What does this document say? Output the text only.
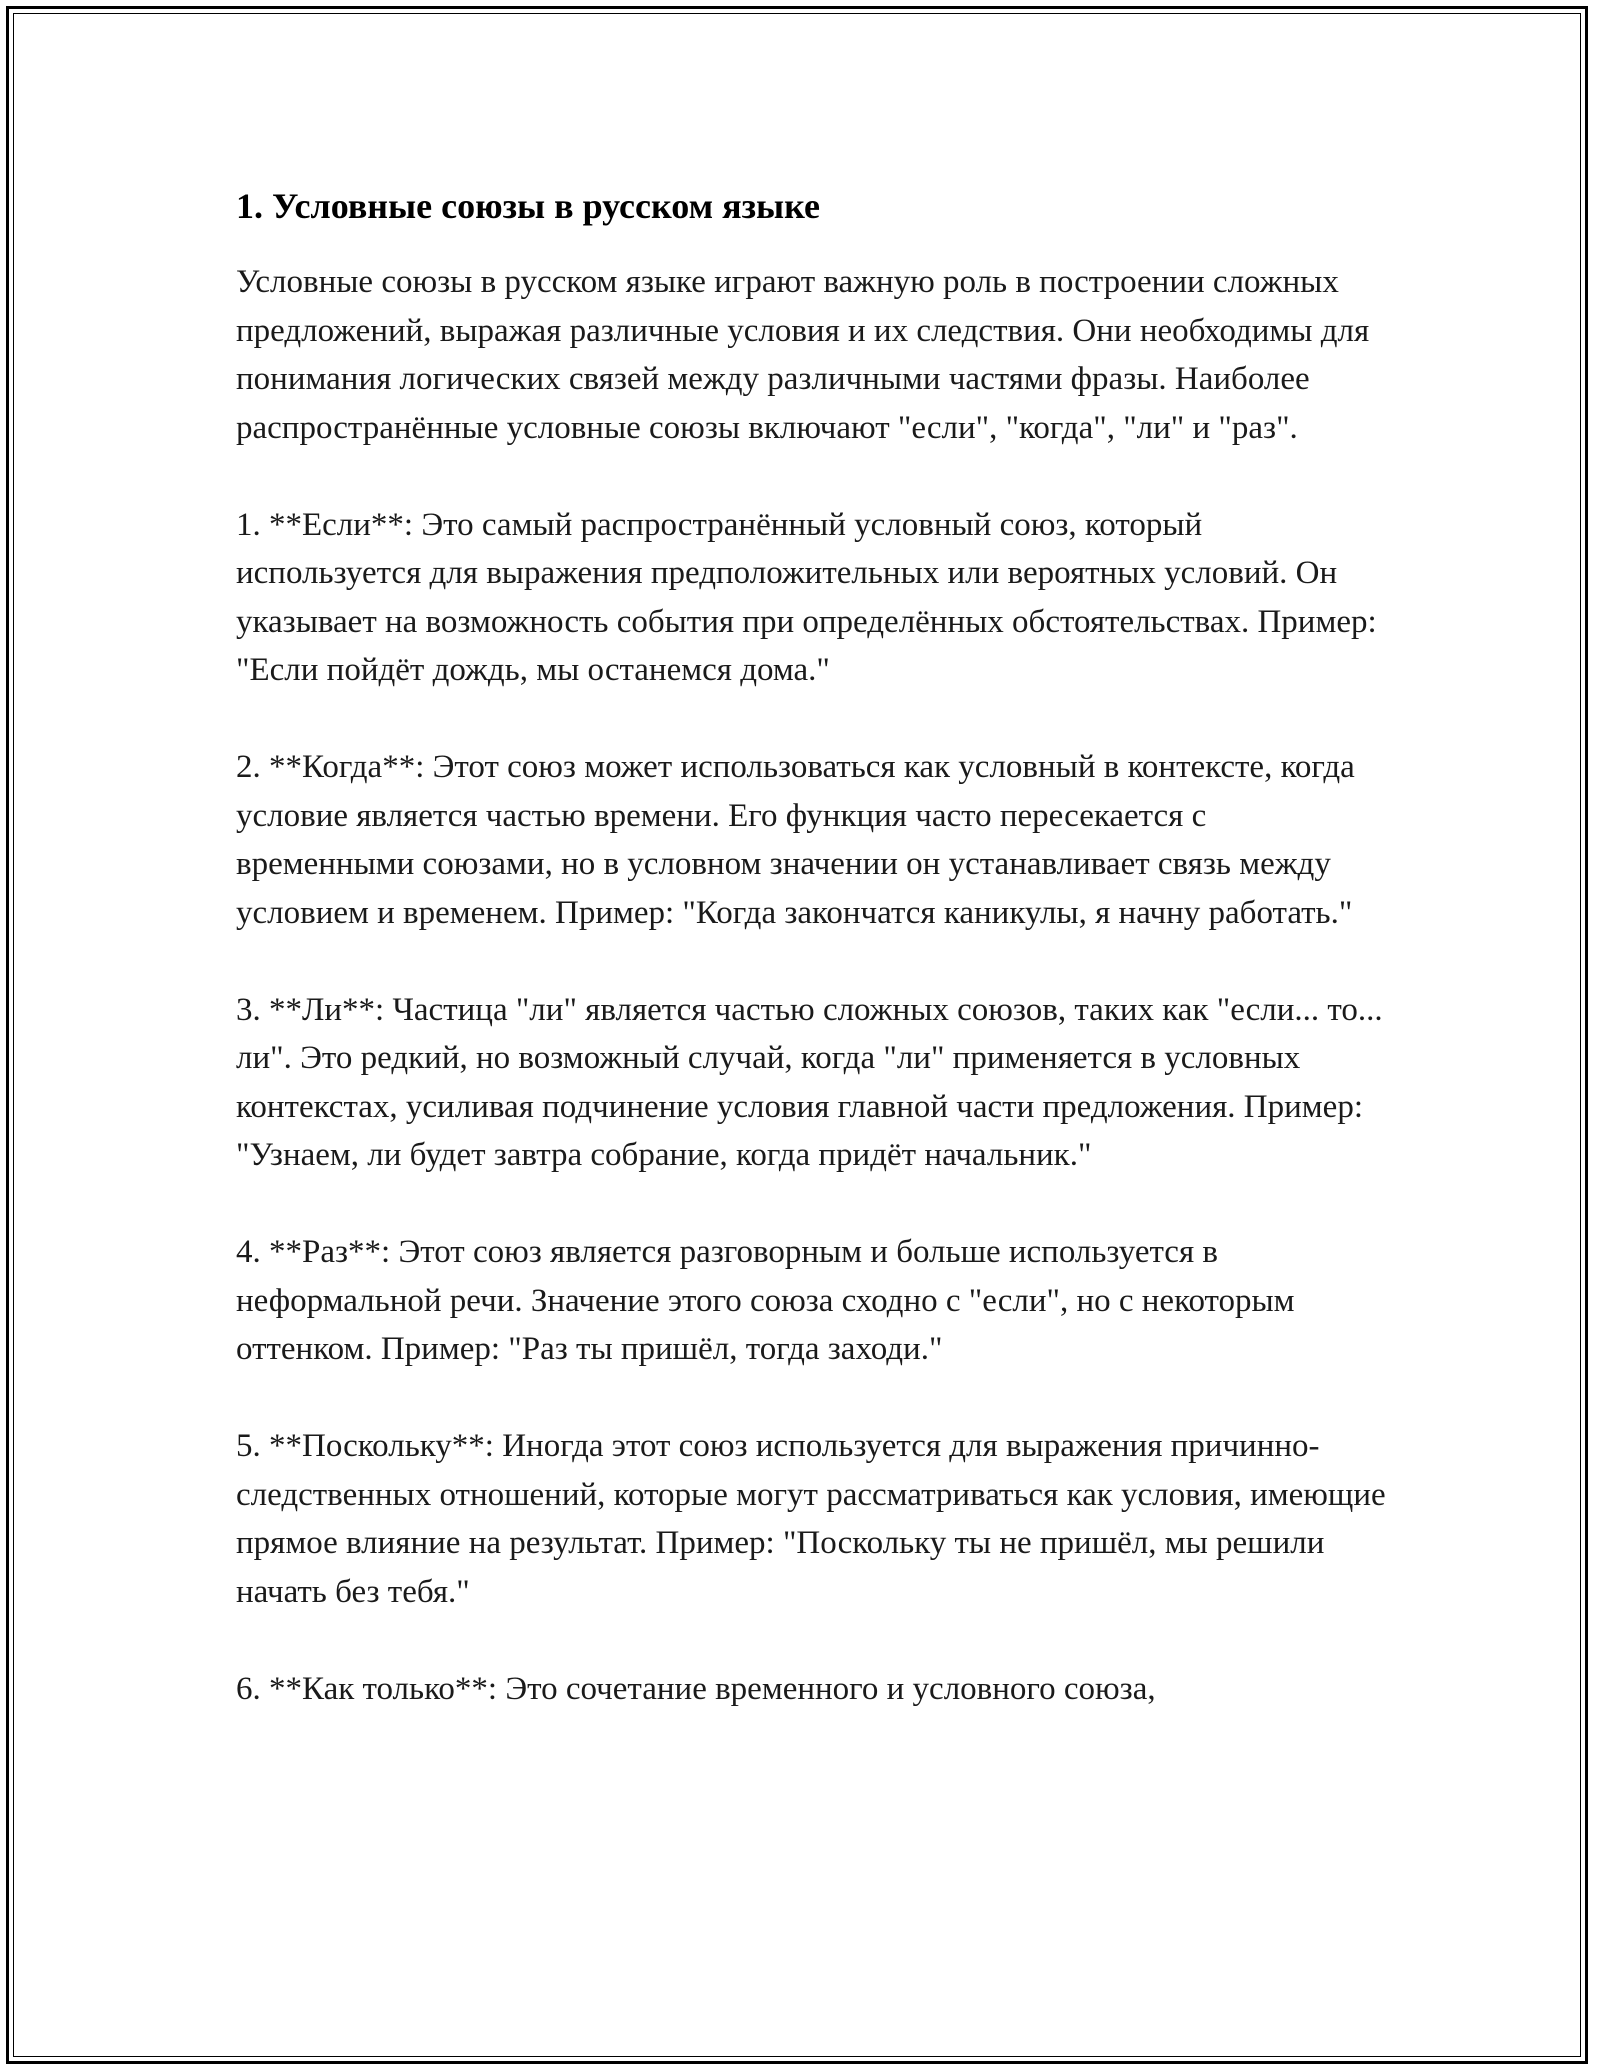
1. Условные союзы в русском языке

Условные союзы в русском языке играют важную роль в построении сложных предложений, выражая различные условия и их следствия. Они необходимы для понимания логических связей между различными частями фразы. Наиболее распространённые условные союзы включают "если", "когда", "ли" и "раз".

1. **Если**: Это самый распространённый условный союз, который используется для выражения предположительных или вероятных условий. Он указывает на возможность события при определённых обстоятельствах. Пример: "Если пойдёт дождь, мы останемся дома."

2. **Когда**: Этот союз может использоваться как условный в контексте, когда условие является частью времени. Его функция часто пересекается с временными союзами, но в условном значении он устанавливает связь между условием и временем. Пример: "Когда закончатся каникулы, я начну работать."

3. **Ли**: Частица "ли" является частью сложных союзов, таких как "если... то... ли". Это редкий, но возможный случай, когда "ли" применяется в условных контекстах, усиливая подчинение условия главной части предложения. Пример: "Узнаем, ли будет завтра собрание, когда придёт начальник."

4. **Раз**: Этот союз является разговорным и больше используется в неформальной речи. Значение этого союза сходно с "если", но с некоторым оттенком. Пример: "Раз ты пришёл, тогда заходи."

5. **Поскольку**: Иногда этот союз используется для выражения причинно-следственных отношений, которые могут рассматриваться как условия, имеющие прямое влияние на результат. Пример: "Поскольку ты не пришёл, мы решили начать без тебя."

6. **Как только**: Это сочетание временного и условного союза,
